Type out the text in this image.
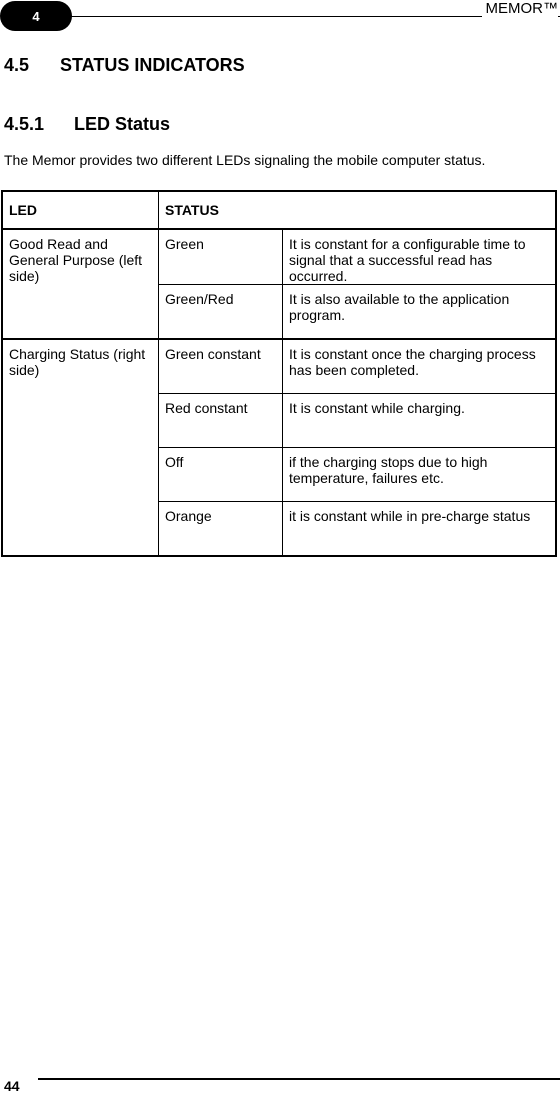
4	MEMOR™
4.5 STATUS INDICATORS
4.5.1 LED Status
The Memor provides two different LEDs signaling the mobile computer status.
LED	STATUS	
Good Read and General Purpose (left side)	Green	It is constant for a configurable time to signal that a successful read has occurred.
	Green/Red	It is also available to the application program.
Charging Status (right side)	Green constant	It is constant once the charging process has been completed.
	Red constant	It is constant while charging.
	Off	if the charging stops due to high temperature, failures etc.
	Orange	it is constant while in pre-charge status
44
